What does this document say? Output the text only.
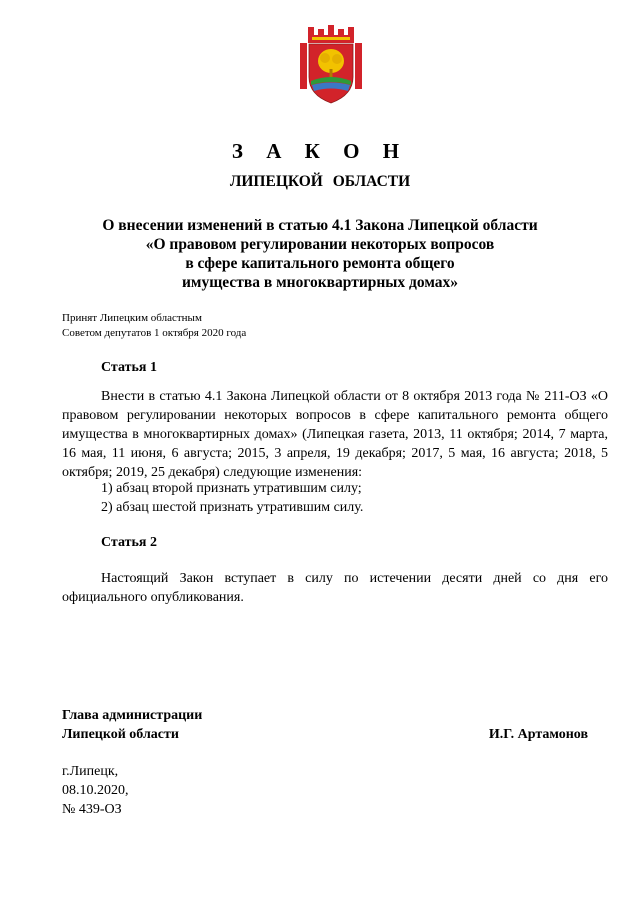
З А К О Н
ЛИПЕЦКОЙ ОБЛАСТИ
О внесении изменений в статью 4.1 Закона Липецкой области
«О правовом регулировании некоторых вопросов
в сфере капитального ремонта общего
имущества в многоквартирных домах»
Принят Липецким областным
Советом депутатов 1 октября 2020 года
Статья 1
Внести в статью 4.1 Закона Липецкой области от 8 октября 2013 года № 211-ОЗ «О правовом регулировании некоторых вопросов в сфере капитального ремонта общего имущества в многоквартирных домах» (Липецкая газета, 2013, 11 октября; 2014, 7 марта, 16 мая, 11 июня, 6 августа; 2015, 3 апреля, 19 декабря; 2017, 5 мая, 16 августа; 2018, 5 октября; 2019, 25 декабря) следующие изменения:
1) абзац второй признать утратившим силу;
2) абзац шестой признать утратившим силу.
Статья 2
Настоящий Закон вступает в силу по истечении десяти дней со дня его официального опубликования.
Глава администрации
Липецкой области	И.Г. Артамонов
г.Липецк,
08.10.2020,
№ 439-ОЗ
